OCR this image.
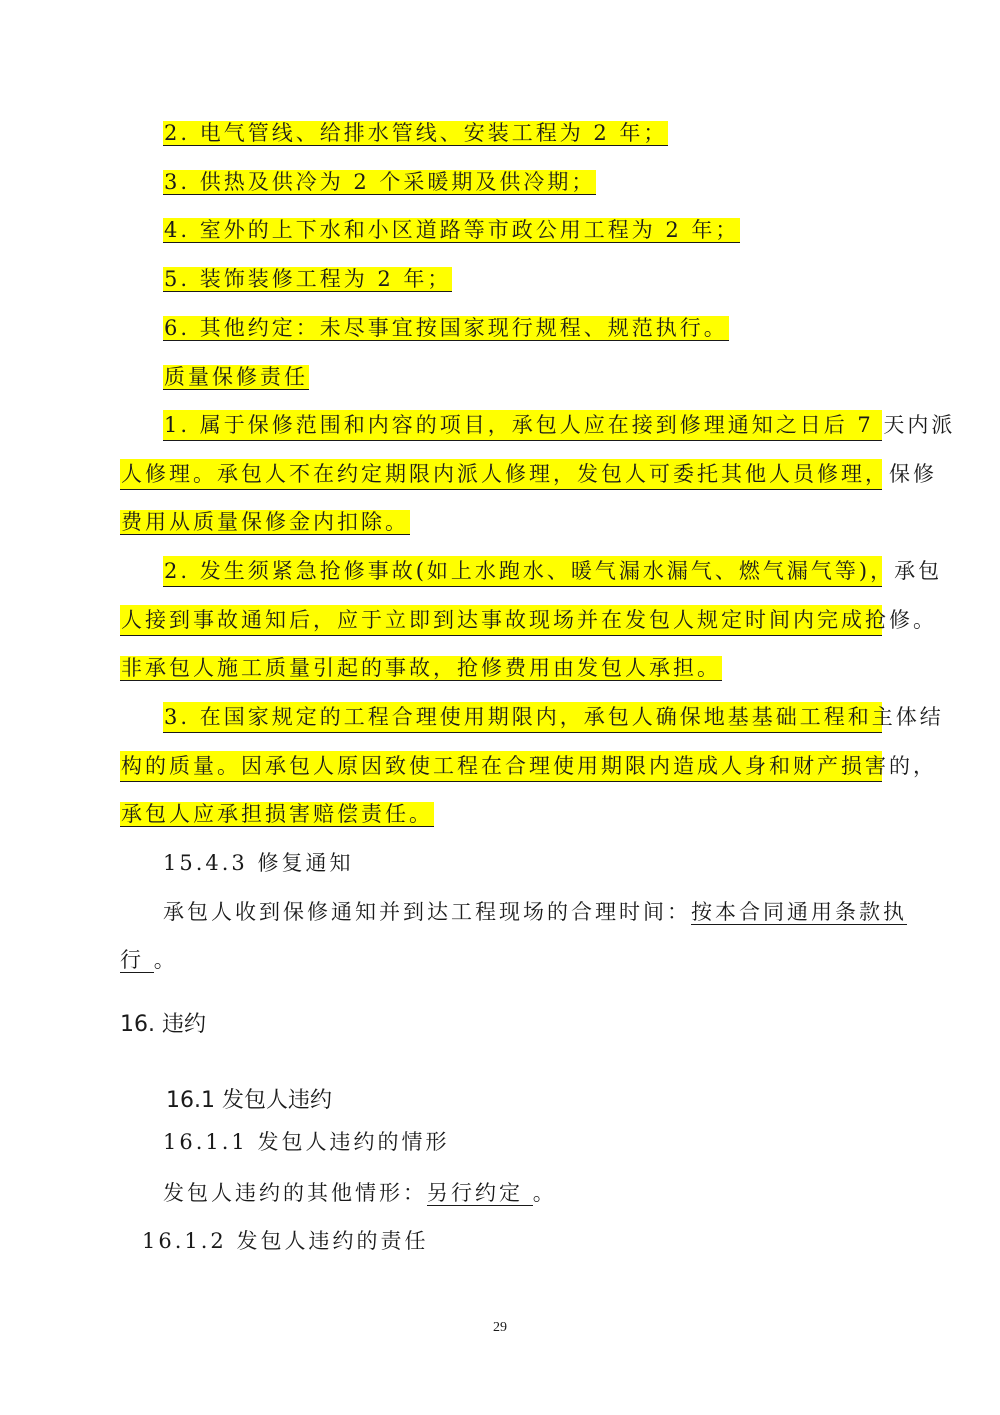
2. 电气管线、给排水管线、安装工程为 2 年；
3. 供热及供冷为 2 个采暖期及供冷期；
4. 室外的上下水和小区道路等市政公用工程为 2 年；
5. 装饰装修工程为 2 年；
6. 其他约定：未尽事宜按国家现行规程、规范执行。
质量保修责任
1. 属于保修范围和内容的项目，承包人应在接到修理通知之日后 7 天内派
人修理。承包人不在约定期限内派人修理，发包人可委托其他人员修理，保修
费用从质量保修金内扣除。
2. 发生须紧急抢修事故(如上水跑水、暖气漏水漏气、燃气漏气等)，承包
人接到事故通知后，应于立即到达事故现场并在发包人规定时间内完成抢修。
非承包人施工质量引起的事故，抢修费用由发包人承担。
3. 在国家规定的工程合理使用期限内，承包人确保地基基础工程和主体结
构的质量。因承包人原因致使工程在合理使用期限内造成人身和财产损害的，
承包人应承担损害赔偿责任。
15.4.3 修复通知
承包人收到保修通知并到达工程现场的合理时间：按本合同通用条款执
行 。
16. 违约
16.1 发包人违约
16.1.1 发包人违约的情形
发包人违约的其他情形：另行约定 。
16.1.2 发包人违约的责任
29
